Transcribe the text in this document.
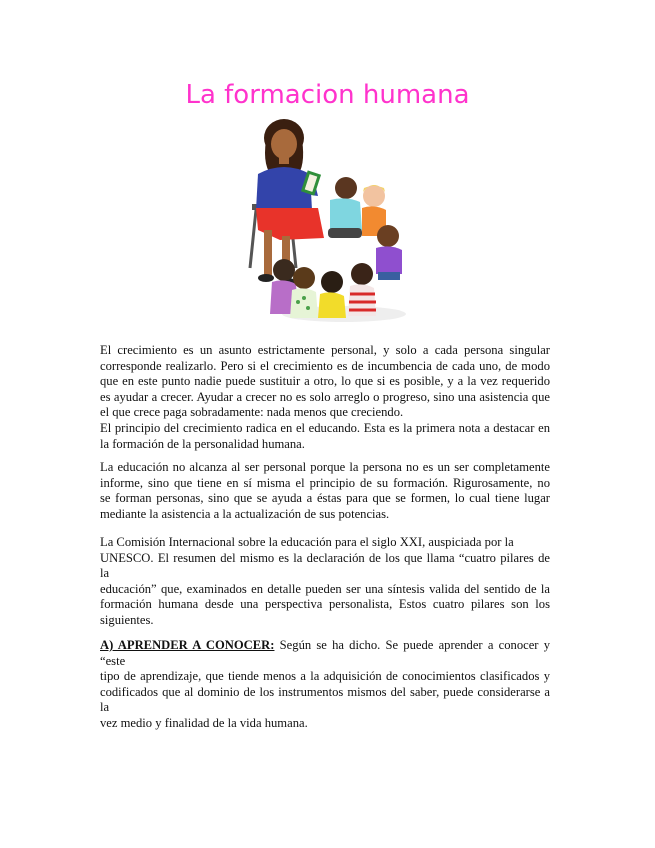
La formacion humana

El crecimiento es un asunto estrictamente personal, y solo a cada persona singular

corresponde realizarlo. Pero si el crecimiento es de incumbencia de cada uno, de modo

que en este punto nadie puede sustituir a otro, lo que si es posible, y a la vez requerido

es ayudar a crecer. Ayudar a crecer no es solo arreglo o progreso, sino una asistencia que

el que crece paga sobradamente: nada menos que creciendo.

El principio del crecimiento radica en el educando. Esta es la primera nota a destacar en

la formación de la personalidad humana.

La educación no alcanza al ser personal porque la persona no es un ser completamente

informe, sino que tiene en sí misma el principio de su formación. Rigurosamente, no

se forman personas, sino que se ayuda a éstas para que se formen, lo cual tiene lugar

mediante la asistencia a la actualización de sus potencias.

La Comisión Internacional sobre la educación para el siglo XXI, auspiciada por la

UNESCO. El resumen del mismo es la declaración de los que llama “cuatro pilares de

la

educación” que, examinados en detalle pueden ser una síntesis valida del sentido de la

formación humana desde una perspectiva personalista, Estos cuatro pilares son los

siguientes.

A) APRENDER A CONOCER: Según se ha dicho. Se puede aprender a conocer y

“este

tipo de aprendizaje, que tiende menos a la adquisición de conocimientos clasificados y

codificados que al dominio de los instrumentos mismos del saber, puede considerarse a

la

vez medio y finalidad de la vida humana.
